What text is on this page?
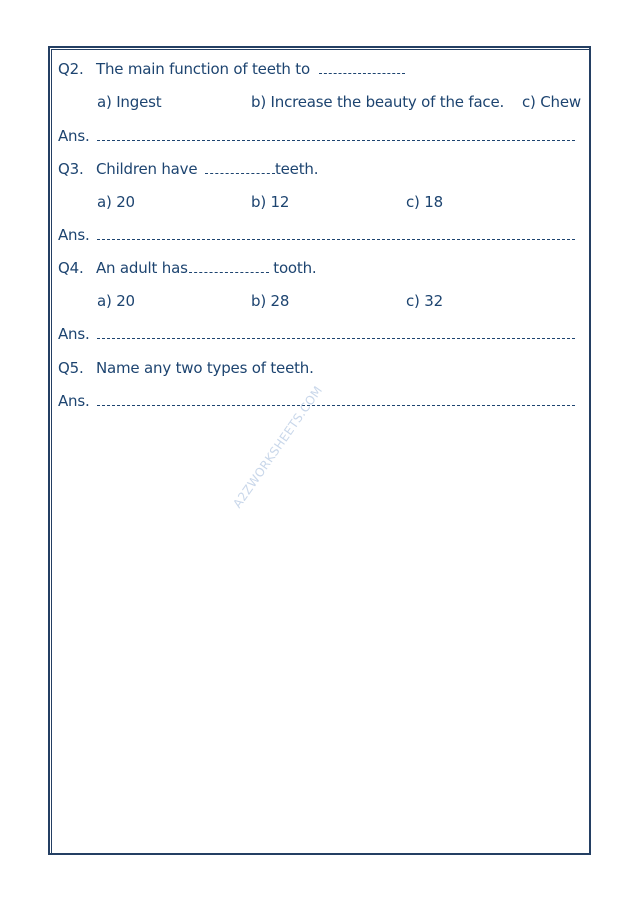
Q2. The main function of teeth to
a) Ingest	b) Increase the beauty of the face. c) Chew
Ans.
Q3. Children have	teeth.
a) 20	b) 12	c) 18
Ans.
Q4. An adult has	tooth.
a) 20	b) 28	c) 32
Ans.
Q5. Name any two types of teeth.
Ans.	A2ZWORKSHEETS.COM
